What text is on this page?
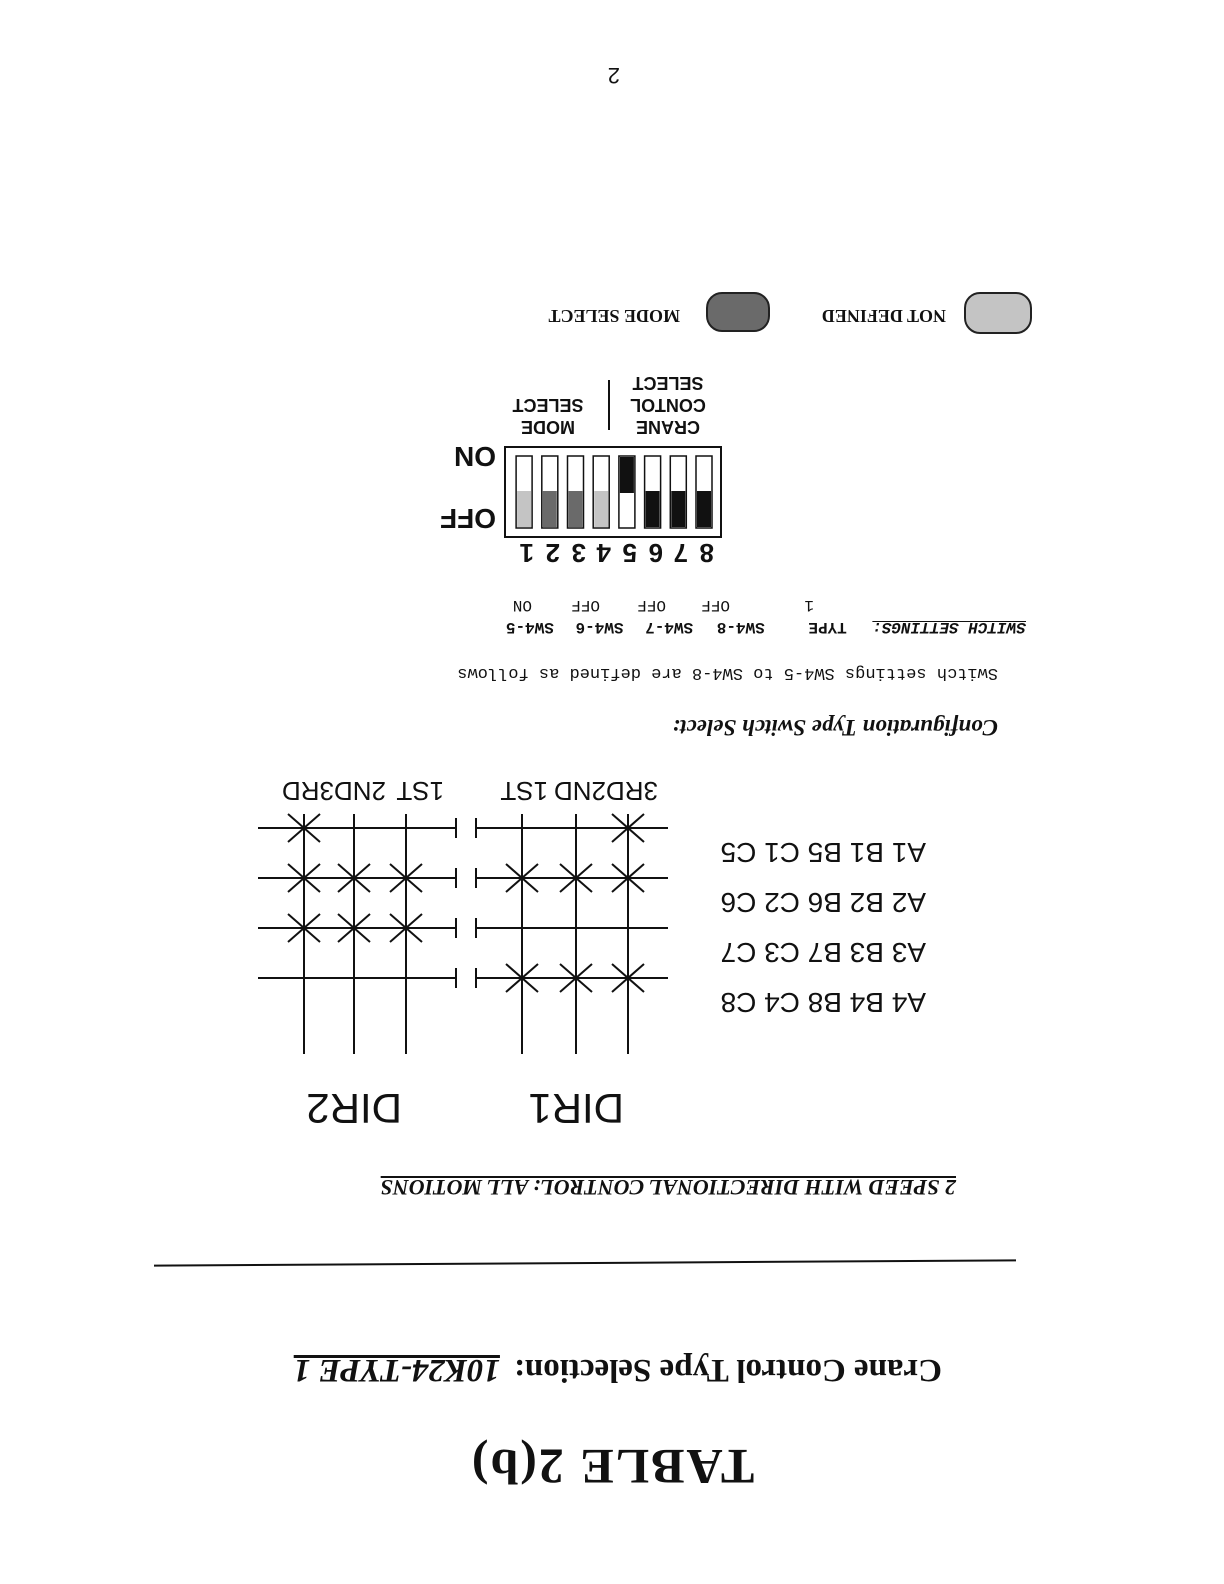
2
TABLE 2(b)
Crane Control Type Selection:10K24-TYPE 1
2 SPEED WITH DIRECTIONAL CONTROL: ALL MOTIONS
DIR1
DIR2
A4 B4 B8 C4 C8
A3 B3 B7 C3 C7
A2 B2 B6 C2 C6
A1 B1 B5 C1 C5
3RD
2ND
1ST
1ST
2ND
3RD
Configuration Type Switch Select:
Switch settings SW4-5 to SW4-8 are defined as follows
SWITCH SETTINGS: TYPE SW4-8 SW4-7 SW4-6 SW4-5
1
OFF
OFF
OFF
ON
8
7
6
5
4
3
2
1
OFF
ON
CRANE
CONTOL
SELECT
MODE
SELECT
NOT DEFINED
MODE SELECT
